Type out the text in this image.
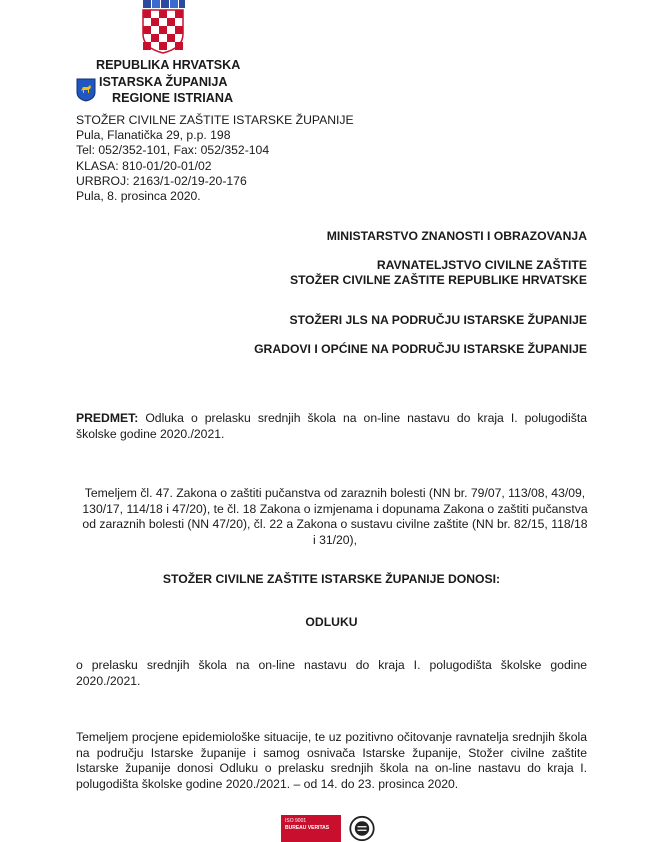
REPUBLIKA HRVATSKA
ISTARSKA ŽUPANIJA
REGIONE ISTRIANA
STOŽER CIVILNE ZAŠTITE ISTARSKE ŽUPANIJE
Pula, Flanatička 29, p.p. 198
Tel: 052/352-101, Fax: 052/352-104
KLASA: 810-01/20-01/02
URBROJ: 2163/1-02/19-20-176
Pula, 8. prosinca 2020.
MINISTARSTVO ZNANOSTI I OBRAZOVANJA
RAVNATELJSTVO CIVILNE ZAŠTITE
STOŽER CIVILNE ZAŠTITE REPUBLIKE HRVATSKE
STOŽERI JLS NA PODRUČJU ISTARSKE ŽUPANIJE
GRADOVI I OPĆINE NA PODRUČJU ISTARSKE ŽUPANIJE
PREDMET: Odluka o prelasku srednjih škola na on-line nastavu do kraja I. polugodišta školske godine 2020./2021.
Temeljem čl. 47. Zakona o zaštiti pučanstva od zaraznih bolesti (NN br. 79/07, 113/08, 43/09, 130/17, 114/18 i 47/20), te čl. 18 Zakona o izmjenama i dopunama Zakona o zaštiti pučanstva od zaraznih bolesti (NN 47/20), čl. 22 a Zakona o sustavu civilne zaštite (NN br. 82/15, 118/18 i 31/20),
STOŽER CIVILNE ZAŠTITE ISTARSKE ŽUPANIJE DONOSI:
ODLUKU
o prelasku srednjih škola na on-line nastavu do kraja I. polugodišta školske godine 2020./2021.
Temeljem procjene epidemiološke situacije, te uz pozitivno očitovanje ravnatelja srednjih škola na području Istarske županije i samog osnivača Istarske županije, Stožer civilne zaštite Istarske županije donosi Odluku o prelasku srednjih škola na on-line nastavu do kraja I. polugodišta školske godine 2020./2021. – od 14. do 23. prosinca 2020.
ISO 9001
BUREAU VERITAS
